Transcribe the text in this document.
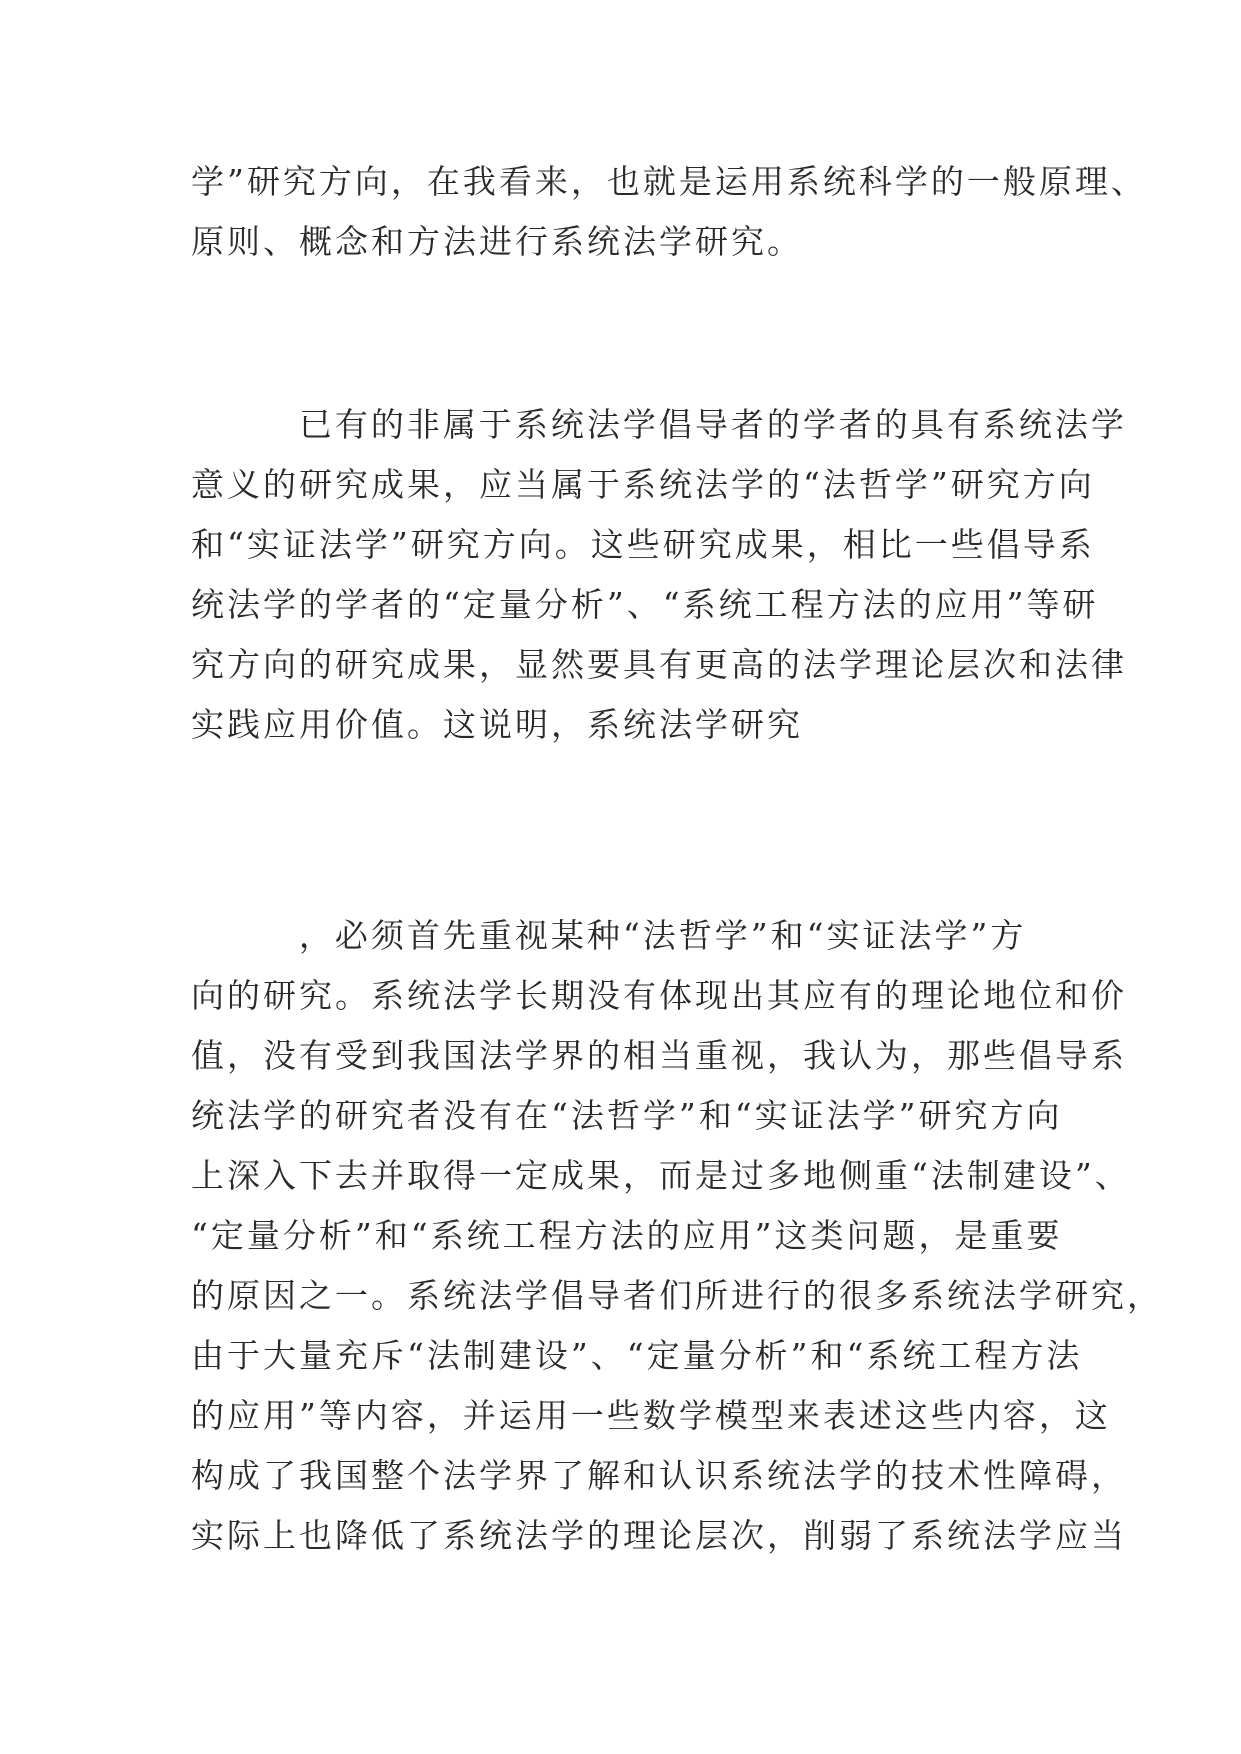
学”研究方向，在我看来，也就是运用系统科学的一般原理、
原则、概念和方法进行系统法学研究。
已有的非属于系统法学倡导者的学者的具有系统法学
意义的研究成果，应当属于系统法学的“法哲学”研究方向
和“实证法学”研究方向。这些研究成果，相比一些倡导系
统法学的学者的“定量分析”、“系统工程方法的应用”等研
究方向的研究成果，显然要具有更高的法学理论层次和法律
实践应用价值。这说明，系统法学研究
，必须首先重视某种“法哲学”和“实证法学”方
向的研究。系统法学长期没有体现出其应有的理论地位和价
值，没有受到我国法学界的相当重视，我认为，那些倡导系
统法学的研究者没有在“法哲学”和“实证法学”研究方向
上深入下去并取得一定成果，而是过多地侧重“法制建设”、
“定量分析”和“系统工程方法的应用”这类问题，是重要
的原因之一。系统法学倡导者们所进行的很多系统法学研究，
由于大量充斥“法制建设”、“定量分析”和“系统工程方法
的应用”等内容，并运用一些数学模型来表述这些内容，这
构成了我国整个法学界了解和认识系统法学的技术性障碍，
实际上也降低了系统法学的理论层次，削弱了系统法学应当
